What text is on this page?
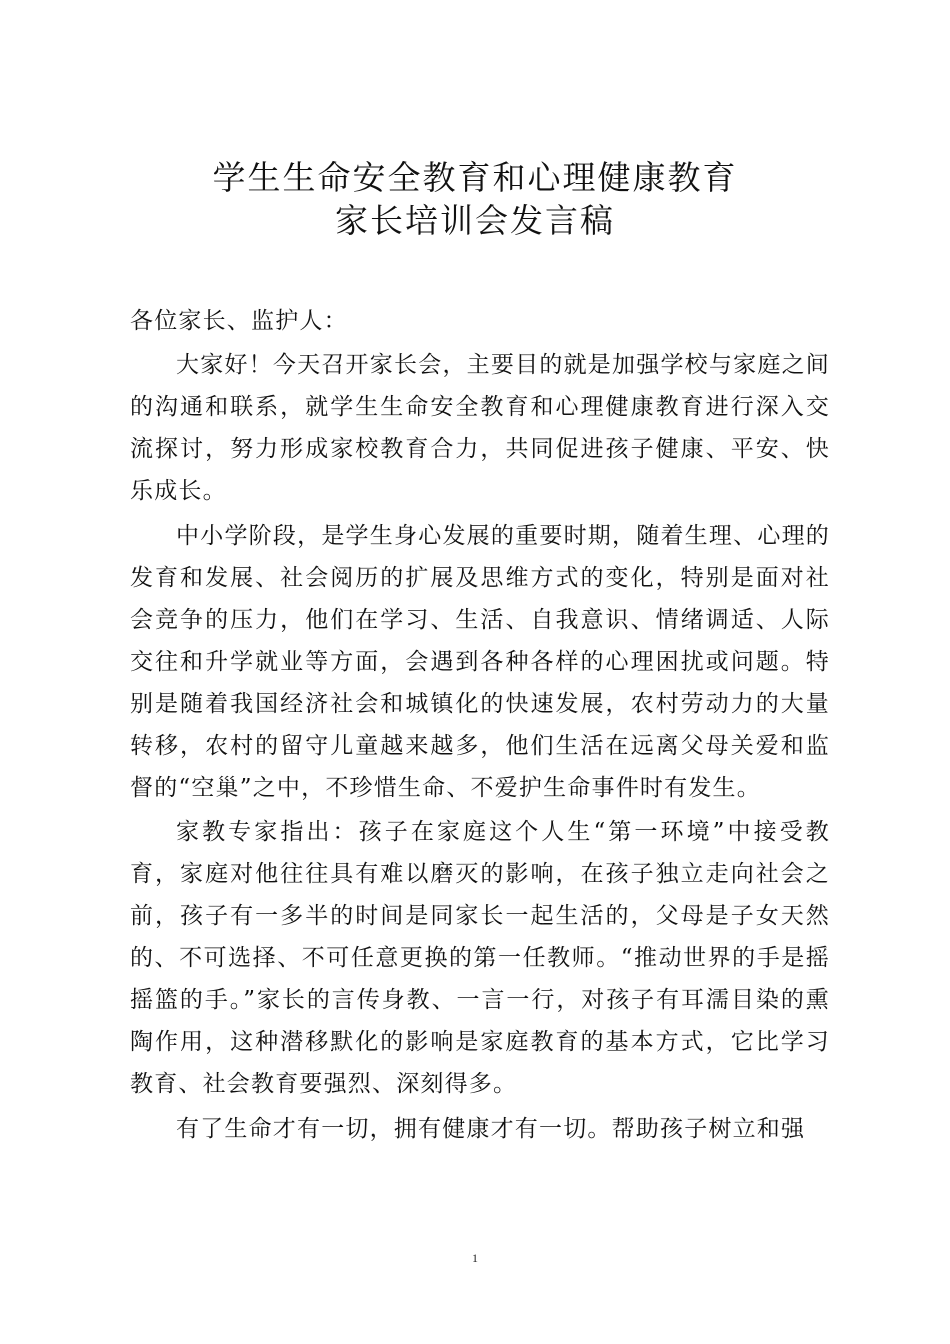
学生生命安全教育和心理健康教育
家长培训会发言稿

各位家长、监护人：

大家好！今天召开家长会，主要目的就是加强学校与家庭之间的沟通和联系，就学生生命安全教育和心理健康教育进行深入交流探讨，努力形成家校教育合力，共同促进孩子健康、平安、快乐成长。

中小学阶段，是学生身心发展的重要时期，随着生理、心理的发育和发展、社会阅历的扩展及思维方式的变化，特别是面对社会竞争的压力，他们在学习、生活、自我意识、情绪调适、人际交往和升学就业等方面，会遇到各种各样的心理困扰或问题。特别是随着我国经济社会和城镇化的快速发展，农村劳动力的大量转移，农村的留守儿童越来越多，他们生活在远离父母关爱和监督的“空巢”之中，不珍惜生命、不爱护生命事件时有发生。

家教专家指出：孩子在家庭这个人生“第一环境”中接受教育，家庭对他往往具有难以磨灭的影响，在孩子独立走向社会之前，孩子有一多半的时间是同家长一起生活的，父母是子女天然的、不可选择、不可任意更换的第一任教师。“推动世界的手是摇摇篮的手。”家长的言传身教、一言一行，对孩子有耳濡目染的熏陶作用，这种潜移默化的影响是家庭教育的基本方式，它比学习教育、社会教育要强烈、深刻得多。

有了生命才有一切，拥有健康才有一切。帮助孩子树立和强

1
